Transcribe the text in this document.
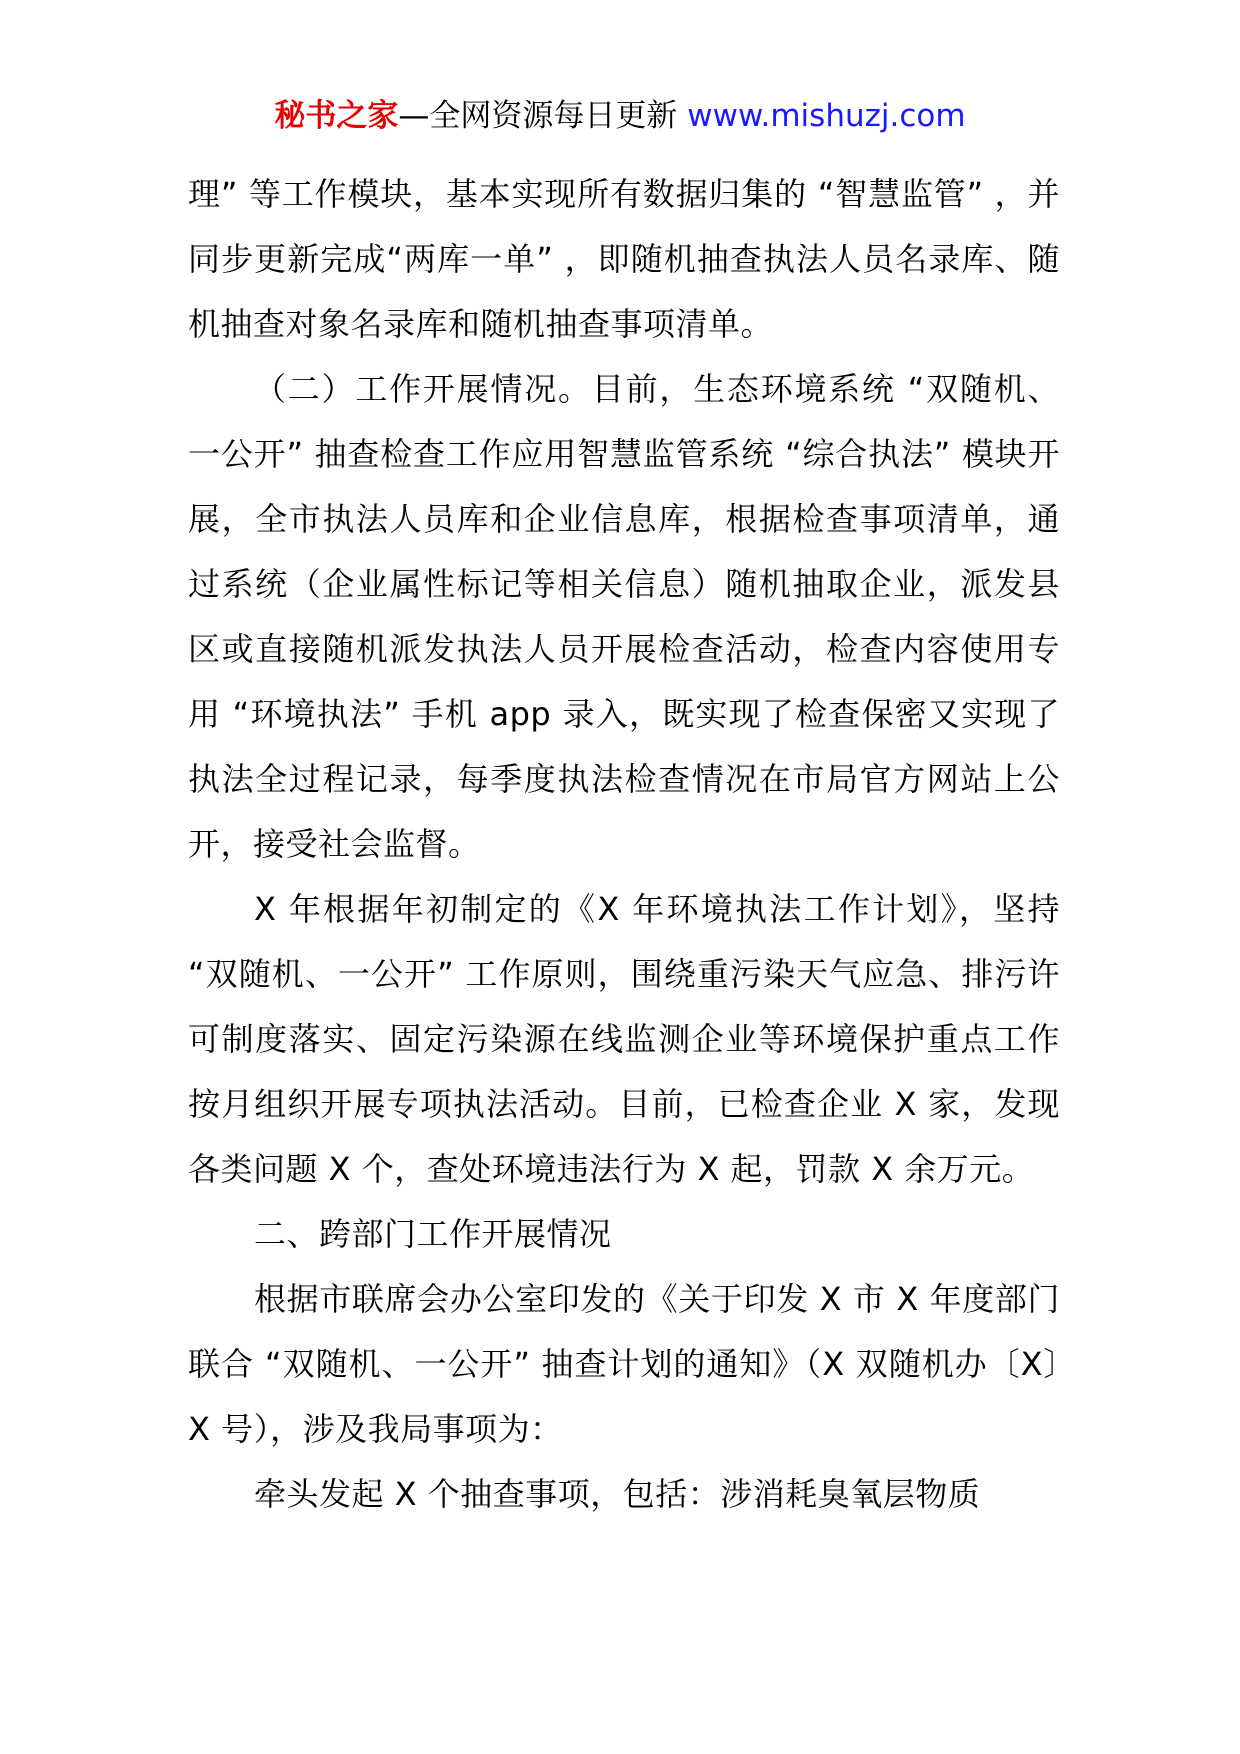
秘书之家—全网资源每日更新 www.mishuzj.com

理” 等工作模块，基本实现所有数据归集的 “智慧监管” ，并同步更新完成“两库一单” ，即随机抽查执法人员名录库、随机抽查对象名录库和随机抽查事项清单。

（二）工作开展情况。目前，生态环境系统 “双随机、一公开” 抽查检查工作应用智慧监管系统 “综合执法” 模块开展，全市执法人员库和企业信息库，根据检查事项清单，通过系统（企业属性标记等相关信息）随机抽取企业，派发县区或直接随机派发执法人员开展检查活动，检查内容使用专用 “环境执法” 手机 app 录入，既实现了检查保密又实现了执法全过程记录，每季度执法检查情况在市局官方网站上公开，接受社会监督。

X 年根据年初制定的《X 年环境执法工作计划》，坚持 “双随机、一公开” 工作原则，围绕重污染天气应急、排污许可制度落实、固定污染源在线监测企业等环境保护重点工作按月组织开展专项执法活动。目前，已检查企业 X 家，发现各类问题 X 个，查处环境违法行为 X 起，罚款 X 余万元。

二、跨部门工作开展情况

根据市联席会办公室印发的《关于印发 X 市 X 年度部门联合 “双随机、一公开” 抽查计划的通知》（X 双随机办〔X〕X 号），涉及我局事项为：

牵头发起 X 个抽查事项，包括：涉消耗臭氧层物质
